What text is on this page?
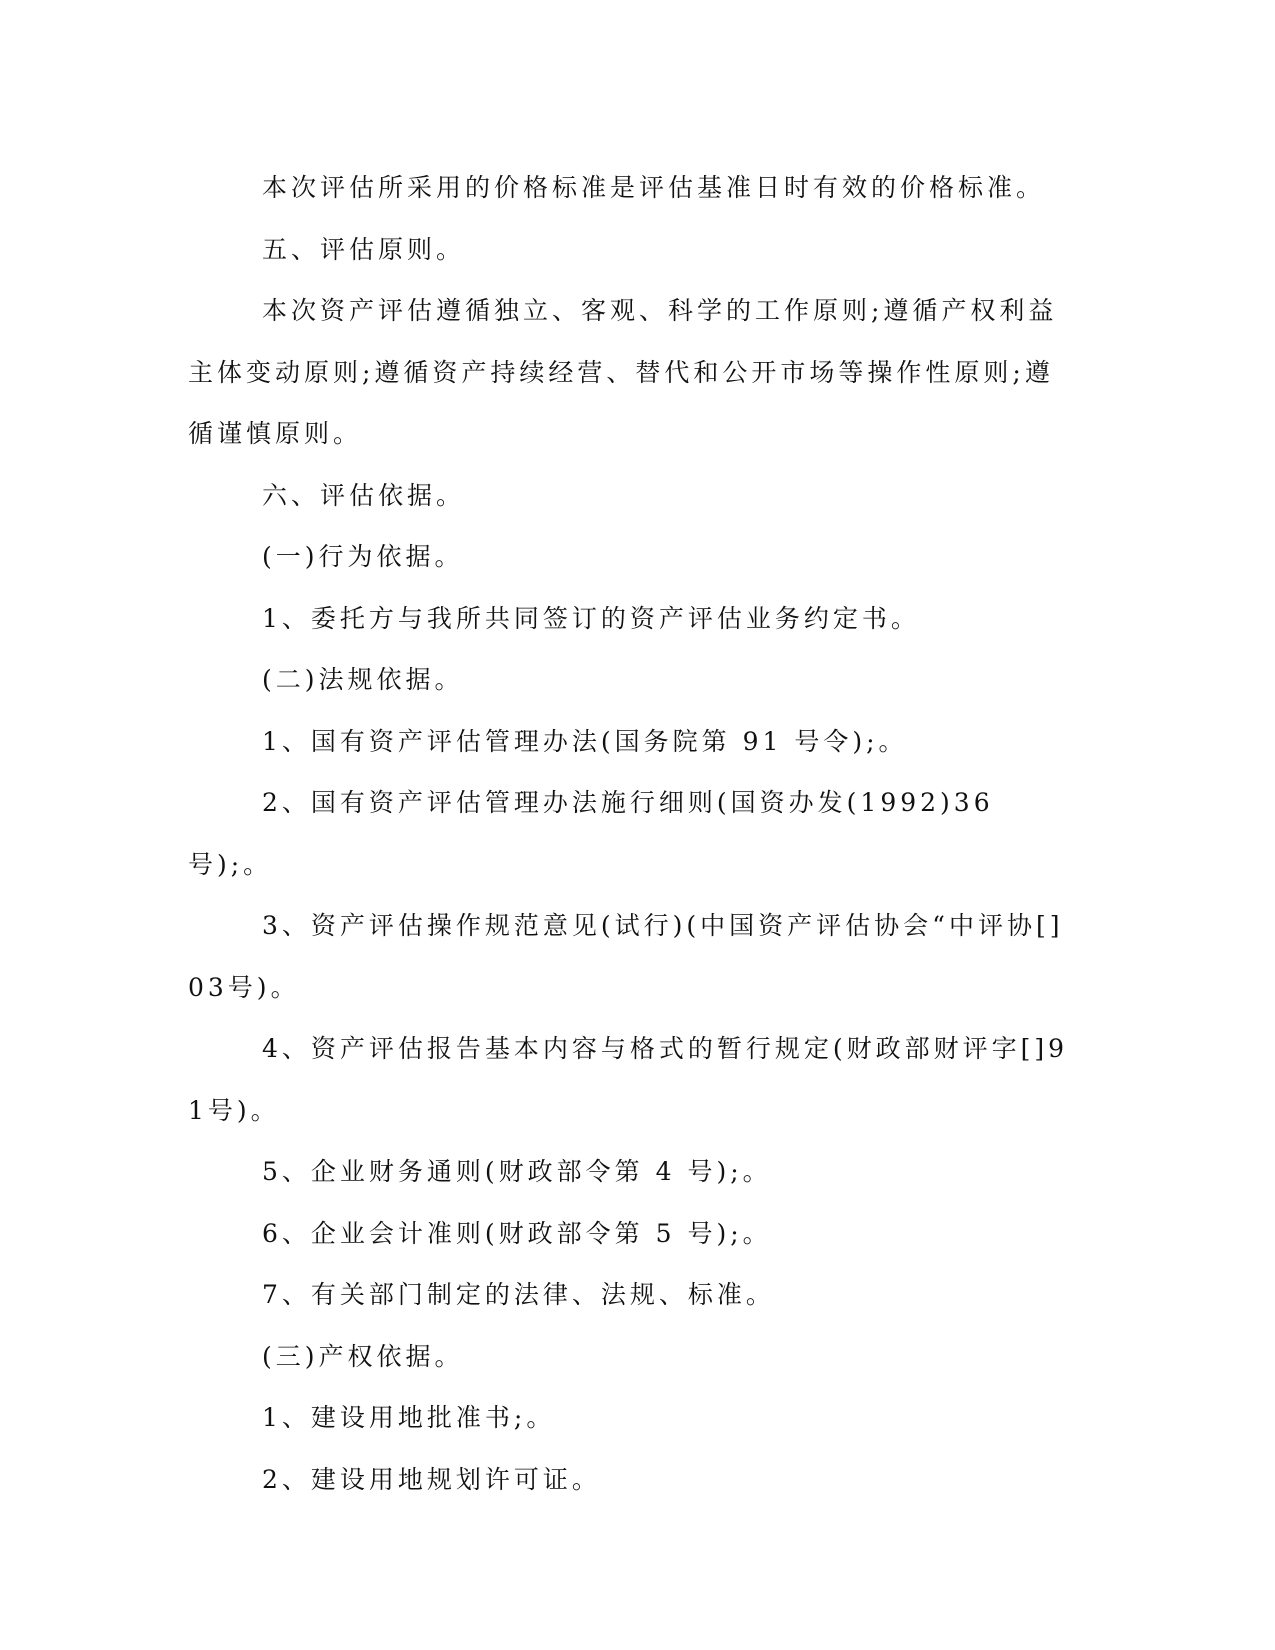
本次评估所采用的价格标准是评估基准日时有效的价格标准。

五、评估原则。

本次资产评估遵循独立、客观、科学的工作原则;遵循产权利益主体变动原则;遵循资产持续经营、替代和公开市场等操作性原则;遵循谨慎原则。

六、评估依据。

(一)行为依据。

1、委托方与我所共同签订的资产评估业务约定书。

(二)法规依据。

1、国有资产评估管理办法(国务院第 91 号令);。

2、国有资产评估管理办法施行细则(国资办发(1992)36 号);。

3、资产评估操作规范意见(试行)(中国资产评估协会“中评协[]03号)。

4、资产评估报告基本内容与格式的暂行规定(财政部财评字[]91号)。

5、企业财务通则(财政部令第 4 号);。

6、企业会计准则(财政部令第 5 号);。

7、有关部门制定的法律、法规、标准。

(三)产权依据。

1、建设用地批准书;。

2、建设用地规划许可证。
